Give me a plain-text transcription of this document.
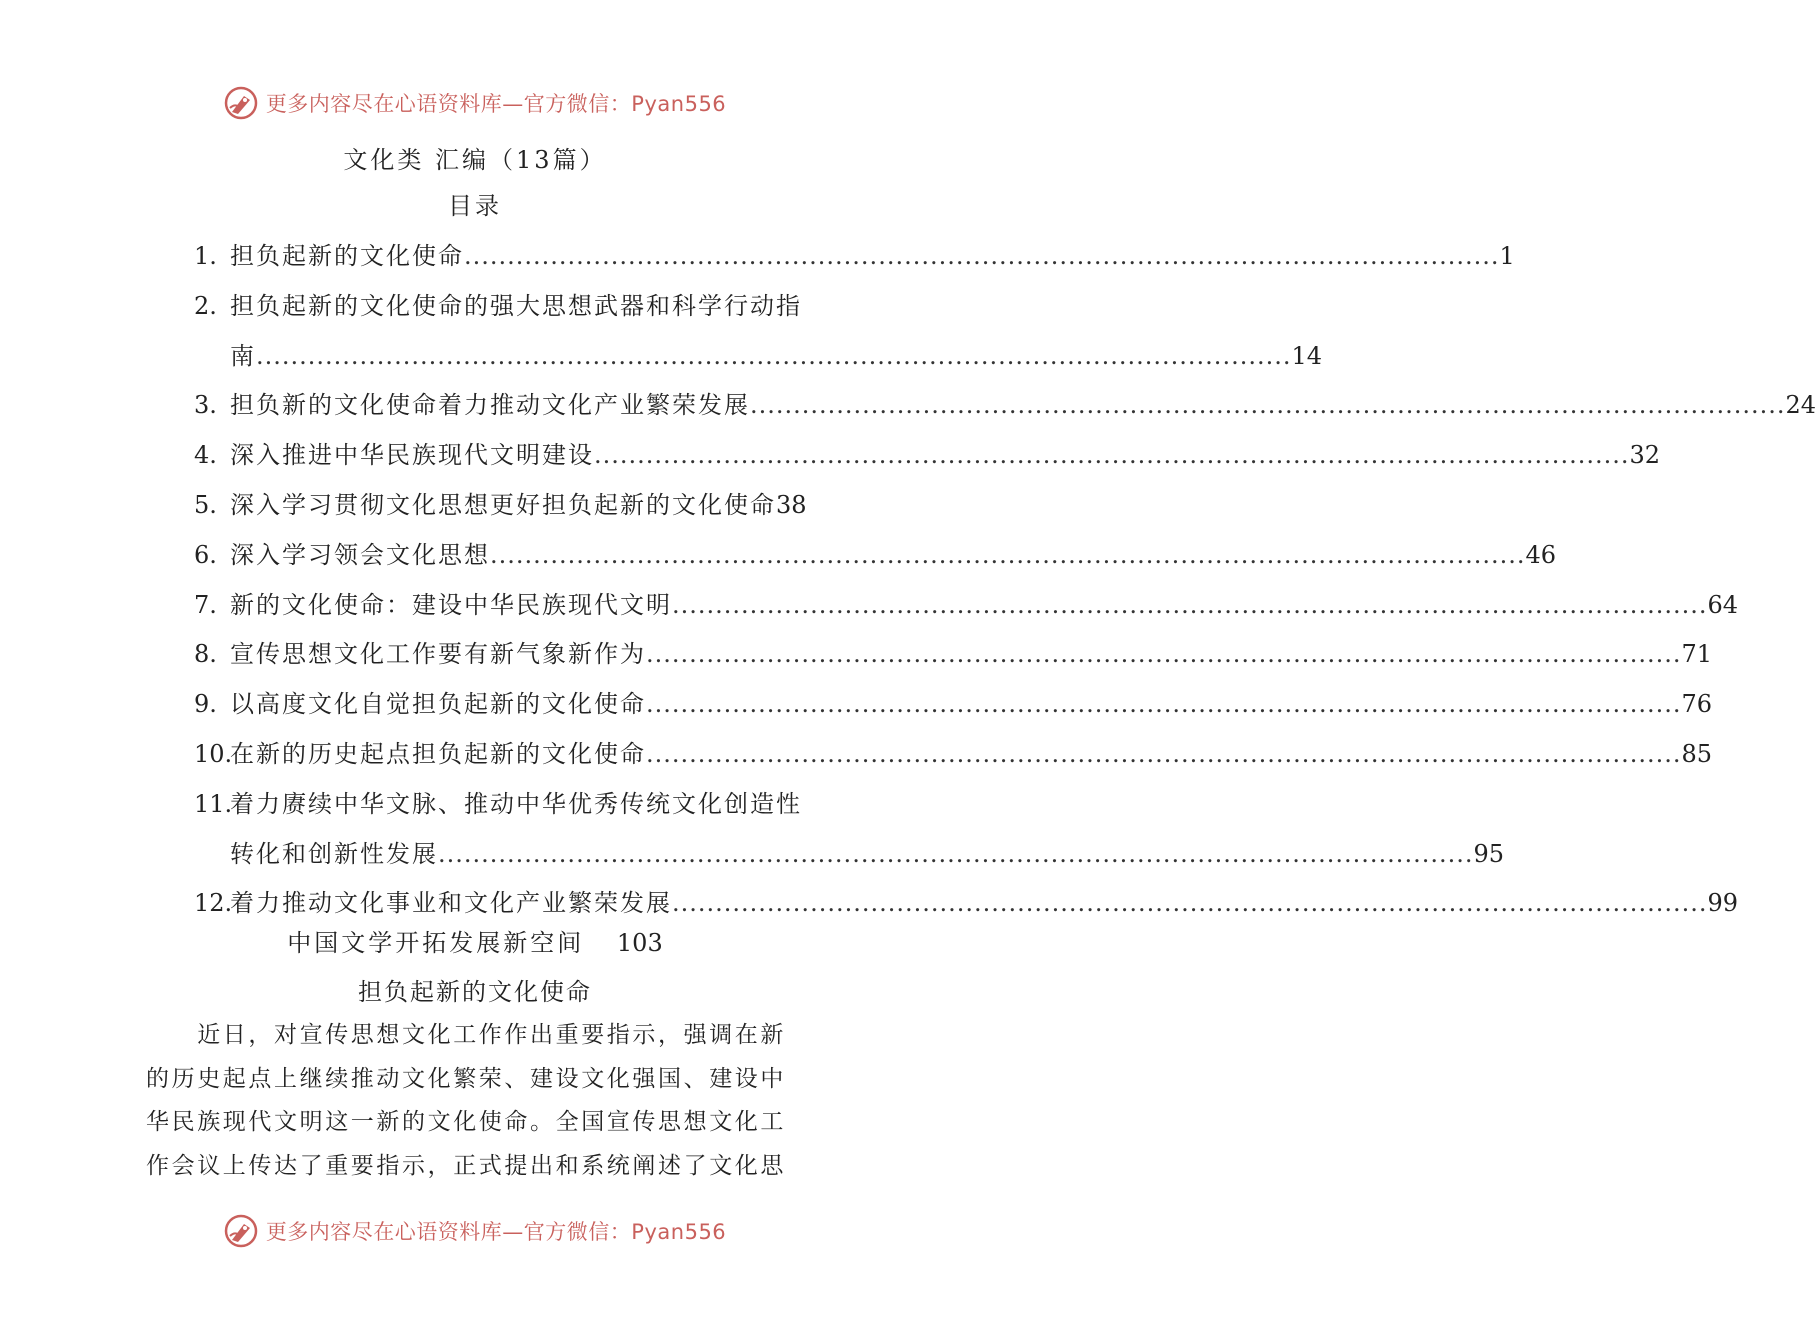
更多内容尽在心语资料库—官方微信：Pyan556
文化类 汇编（13篇）
目录
1. 担负起新的文化使命 ........................................................................................................................ 1
2. 担负起新的文化使命的强大思想武器和科学行动指
南 ........................................................................................................................ 14
3. 担负新的文化使命着力推动文化产业繁荣发展 ........................................................................................................................ 24
4. 深入推进中华民族现代文明建设 ........................................................................................................................ 32
5. 深入学习贯彻文化思想更好担负起新的文化使命 38
6. 深入学习领会文化思想 ........................................................................................................................ 46
7. 新的文化使命：建设中华民族现代文明 ........................................................................................................................ 64
8. 宣传思想文化工作要有新气象新作为 ........................................................................................................................ 71
9. 以高度文化自觉担负起新的文化使命 ........................................................................................................................ 76
10.
在新的历史起点担负起新的文化使命 ........................................................................................................................ 85
11.
着力赓续中华文脉、推动中华优秀传统文化创造性
转化和创新性发展 ........................................................................................................................ 95
12.
着力推动文化事业和文化产业繁荣发展 ........................................................................................................................ 99
中国文学开拓发展新空间 103
担负起新的文化使命
　　近日，对宣传思想文化工作作出重要指示，强调在新
的历史起点上继续推动文化繁荣、建设文化强国、建设中
华民族现代文明这一新的文化使命。全国宣传思想文化工
作会议上传达了重要指示，正式提出和系统阐述了文化思
更多内容尽在心语资料库—官方微信：Pyan556
